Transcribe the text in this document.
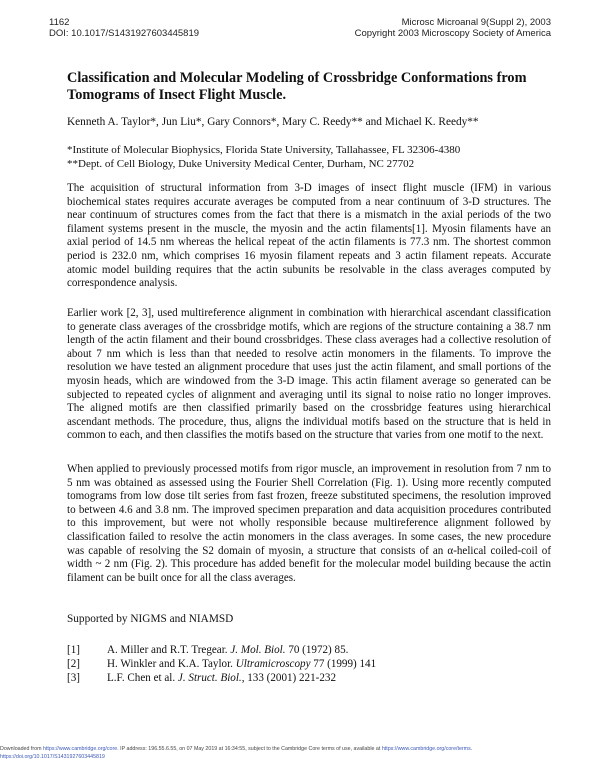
1162
DOI: 10.1017/S1431927603445819
Microsc Microanal 9(Suppl 2), 2003
Copyright 2003 Microscopy Society of America
Classification and Molecular Modeling of Crossbridge Conformations from Tomograms of Insect Flight Muscle.
Kenneth A. Taylor*, Jun Liu*, Gary Connors*, Mary C. Reedy** and Michael K. Reedy**
*Institute of Molecular Biophysics, Florida State University, Tallahassee, FL 32306-4380
**Dept. of Cell Biology, Duke University Medical Center, Durham, NC 27702
The acquisition of structural information from 3-D images of insect flight muscle (IFM) in various biochemical states requires accurate averages be computed from a near continuum of 3-D structures. The near continuum of structures comes from the fact that there is a mismatch in the axial periods of the two filament systems present in the muscle, the myosin and the actin filaments[1]. Myosin filaments have an axial period of 14.5 nm whereas the helical repeat of the actin filaments is 77.3 nm. The shortest common period is 232.0 nm, which comprises 16 myosin filament repeats and 3 actin filament repeats. Accurate atomic model building requires that the actin subunits be resolvable in the class averages computed by correspondence analysis.
Earlier work [2, 3], used multireference alignment in combination with hierarchical ascendant classification to generate class averages of the crossbridge motifs, which are regions of the structure containing a 38.7 nm length of the actin filament and their bound crossbridges. These class averages had a collective resolution of about 7 nm which is less than that needed to resolve actin monomers in the filaments. To improve the resolution we have tested an alignment procedure that uses just the actin filament, and small portions of the myosin heads, which are windowed from the 3-D image. This actin filament average so generated can be subjected to repeated cycles of alignment and averaging until its signal to noise ratio no longer improves. The aligned motifs are then classified primarily based on the crossbridge features using hierarchical ascendant methods. The procedure, thus, aligns the individual motifs based on the structure that is held in common to each, and then classifies the motifs based on the structure that varies from one motif to the next.
When applied to previously processed motifs from rigor muscle, an improvement in resolution from 7 nm to 5 nm was obtained as assessed using the Fourier Shell Correlation (Fig. 1). Using more recently computed tomograms from low dose tilt series from fast frozen, freeze substituted specimens, the resolution improved to between 4.6 and 3.8 nm. The improved specimen preparation and data acquisition procedures contributed to this improvement, but were not wholly responsible because multireference alignment followed by classification failed to resolve the actin monomers in the class averages. In some cases, the new procedure was capable of resolving the S2 domain of myosin, a structure that consists of an α-helical coiled-coil of width ~ 2 nm (Fig. 2). This procedure has added benefit for the molecular model building because the actin filament can be built once for all the class averages.
Supported by NIGMS and NIAMSD
[1]	A. Miller and R.T. Tregear. J. Mol. Biol. 70 (1972) 85.
[2]	H. Winkler and K.A. Taylor. Ultramicroscopy 77 (1999) 141
[3]	L.F. Chen et al. J. Struct. Biol., 133 (2001) 221-232
Downloaded from https://www.cambridge.org/core. IP address: 196.55.6.55, on 07 May 2019 at 16:34:55, subject to the Cambridge Core terms of use, available at https://www.cambridge.org/core/terms.
https://doi.org/10.1017/S1431927603445819
